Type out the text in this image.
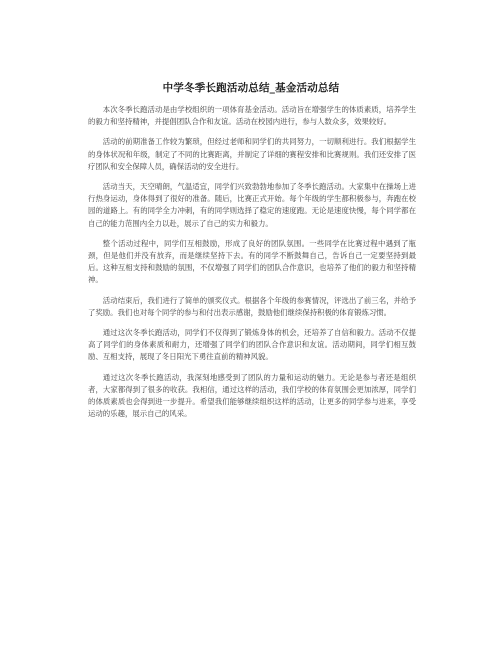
中学冬季长跑活动总结_基金活动总结

本次冬季长跑活动是由学校组织的一项体育基金活动。活动旨在增强学生的体质素质，培养学生的毅力和坚持精神，并提倡团队合作和友谊。活动在校园内进行，参与人数众多，效果较好。

活动的前期准备工作较为繁琐，但经过老师和同学们的共同努力，一切顺利进行。我们根据学生的身体状况和年级，制定了不同的比赛距离，并制定了详细的赛程安排和比赛规则。我们还安排了医疗团队和安全保障人员，确保活动的安全进行。

活动当天，天空晴朗，气温适宜，同学们兴致勃勃地参加了冬季长跑活动。大家集中在操场上进行热身运动，身体得到了很好的准备。随后，比赛正式开始。每个年级的学生都积极参与，奔跑在校园的道路上。有的同学全力冲刺，有的同学则选择了稳定的速度跑。无论是速度快慢，每个同学都在自己的能力范围内全力以赴，展示了自己的实力和毅力。

整个活动过程中，同学们互相鼓励，形成了良好的团队氛围。一些同学在比赛过程中遇到了瓶颈，但是他们并没有放弃，而是继续坚持下去。有的同学不断鼓舞自己，告诉自己一定要坚持到最后。这种互相支持和鼓励的氛围，不仅增强了同学们的团队合作意识，也培养了他们的毅力和坚持精神。

活动结束后，我们进行了简单的颁奖仪式。根据各个年级的参赛情况，评选出了前三名，并给予了奖励。我们也对每个同学的参与和付出表示感谢，鼓励他们继续保持积极的体育锻炼习惯。

通过这次冬季长跑活动，同学们不仅得到了锻炼身体的机会，还培养了自信和毅力。活动不仅提高了同学们的身体素质和耐力，还增强了同学们的团队合作意识和友谊。活动期间，同学们相互鼓励、互相支持，展现了冬日阳光下勇往直前的精神风貌。

通过这次冬季长跑活动，我深刻地感受到了团队的力量和运动的魅力。无论是参与者还是组织者，大家都得到了很多的收获。我相信，通过这样的活动，我们学校的体育氛围会更加浓厚，同学们的体质素质也会得到进一步提升。希望我们能够继续组织这样的活动，让更多的同学参与进来，享受运动的乐趣，展示自己的风采。
